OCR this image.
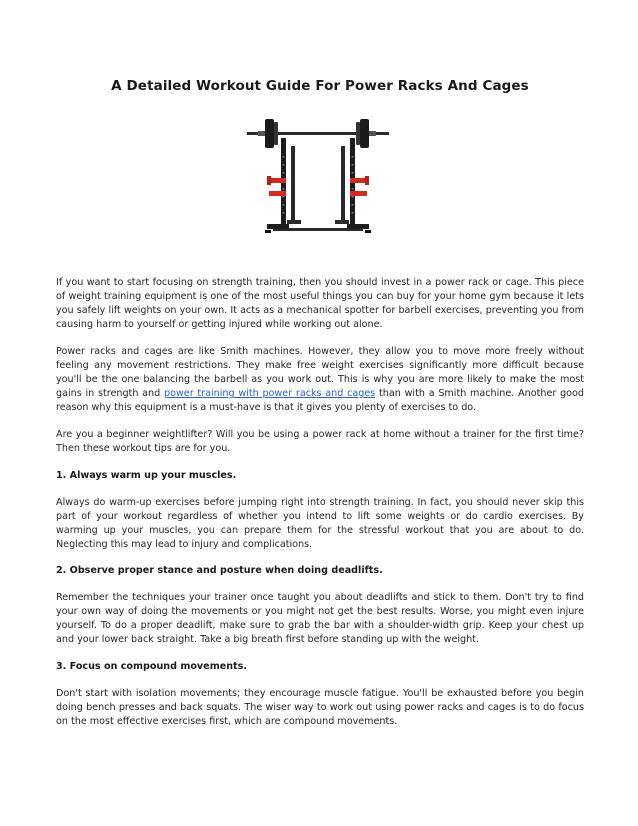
A Detailed Workout Guide For Power Racks And Cages

If you want to start focusing on strength training, then you should invest in a power rack or cage. This piece of weight training equipment is one of the most useful things you can buy for your home gym because it lets you safely lift weights on your own. It acts as a mechanical spotter for barbell exercises, preventing you from causing harm to yourself or getting injured while working out alone.

Power racks and cages are like Smith machines. However, they allow you to move more freely without feeling any movement restrictions. They make free weight exercises significantly more difficult because you'll be the one balancing the barbell as you work out. This is why you are more likely to make the most gains in strength and power training with power racks and cages than with a Smith machine. Another good reason why this equipment is a must-have is that it gives you plenty of exercises to do.

Are you a beginner weightlifter? Will you be using a power rack at home without a trainer for the first time? Then these workout tips are for you.

1. Always warm up your muscles.

Always do warm-up exercises before jumping right into strength training. In fact, you should never skip this part of your workout regardless of whether you intend to lift some weights or do cardio exercises. By warming up your muscles, you can prepare them for the stressful workout that you are about to do. Neglecting this may lead to injury and complications.

2. Observe proper stance and posture when doing deadlifts.

Remember the techniques your trainer once taught you about deadlifts and stick to them. Don't try to find your own way of doing the movements or you might not get the best results. Worse, you might even injure yourself. To do a proper deadlift, make sure to grab the bar with a shoulder-width grip. Keep your chest up and your lower back straight. Take a big breath first before standing up with the weight.

3. Focus on compound movements.

Don't start with isolation movements; they encourage muscle fatigue. You'll be exhausted before you begin doing bench presses and back squats. The wiser way to work out using power racks and cages is to do focus on the most effective exercises first, which are compound movements.
